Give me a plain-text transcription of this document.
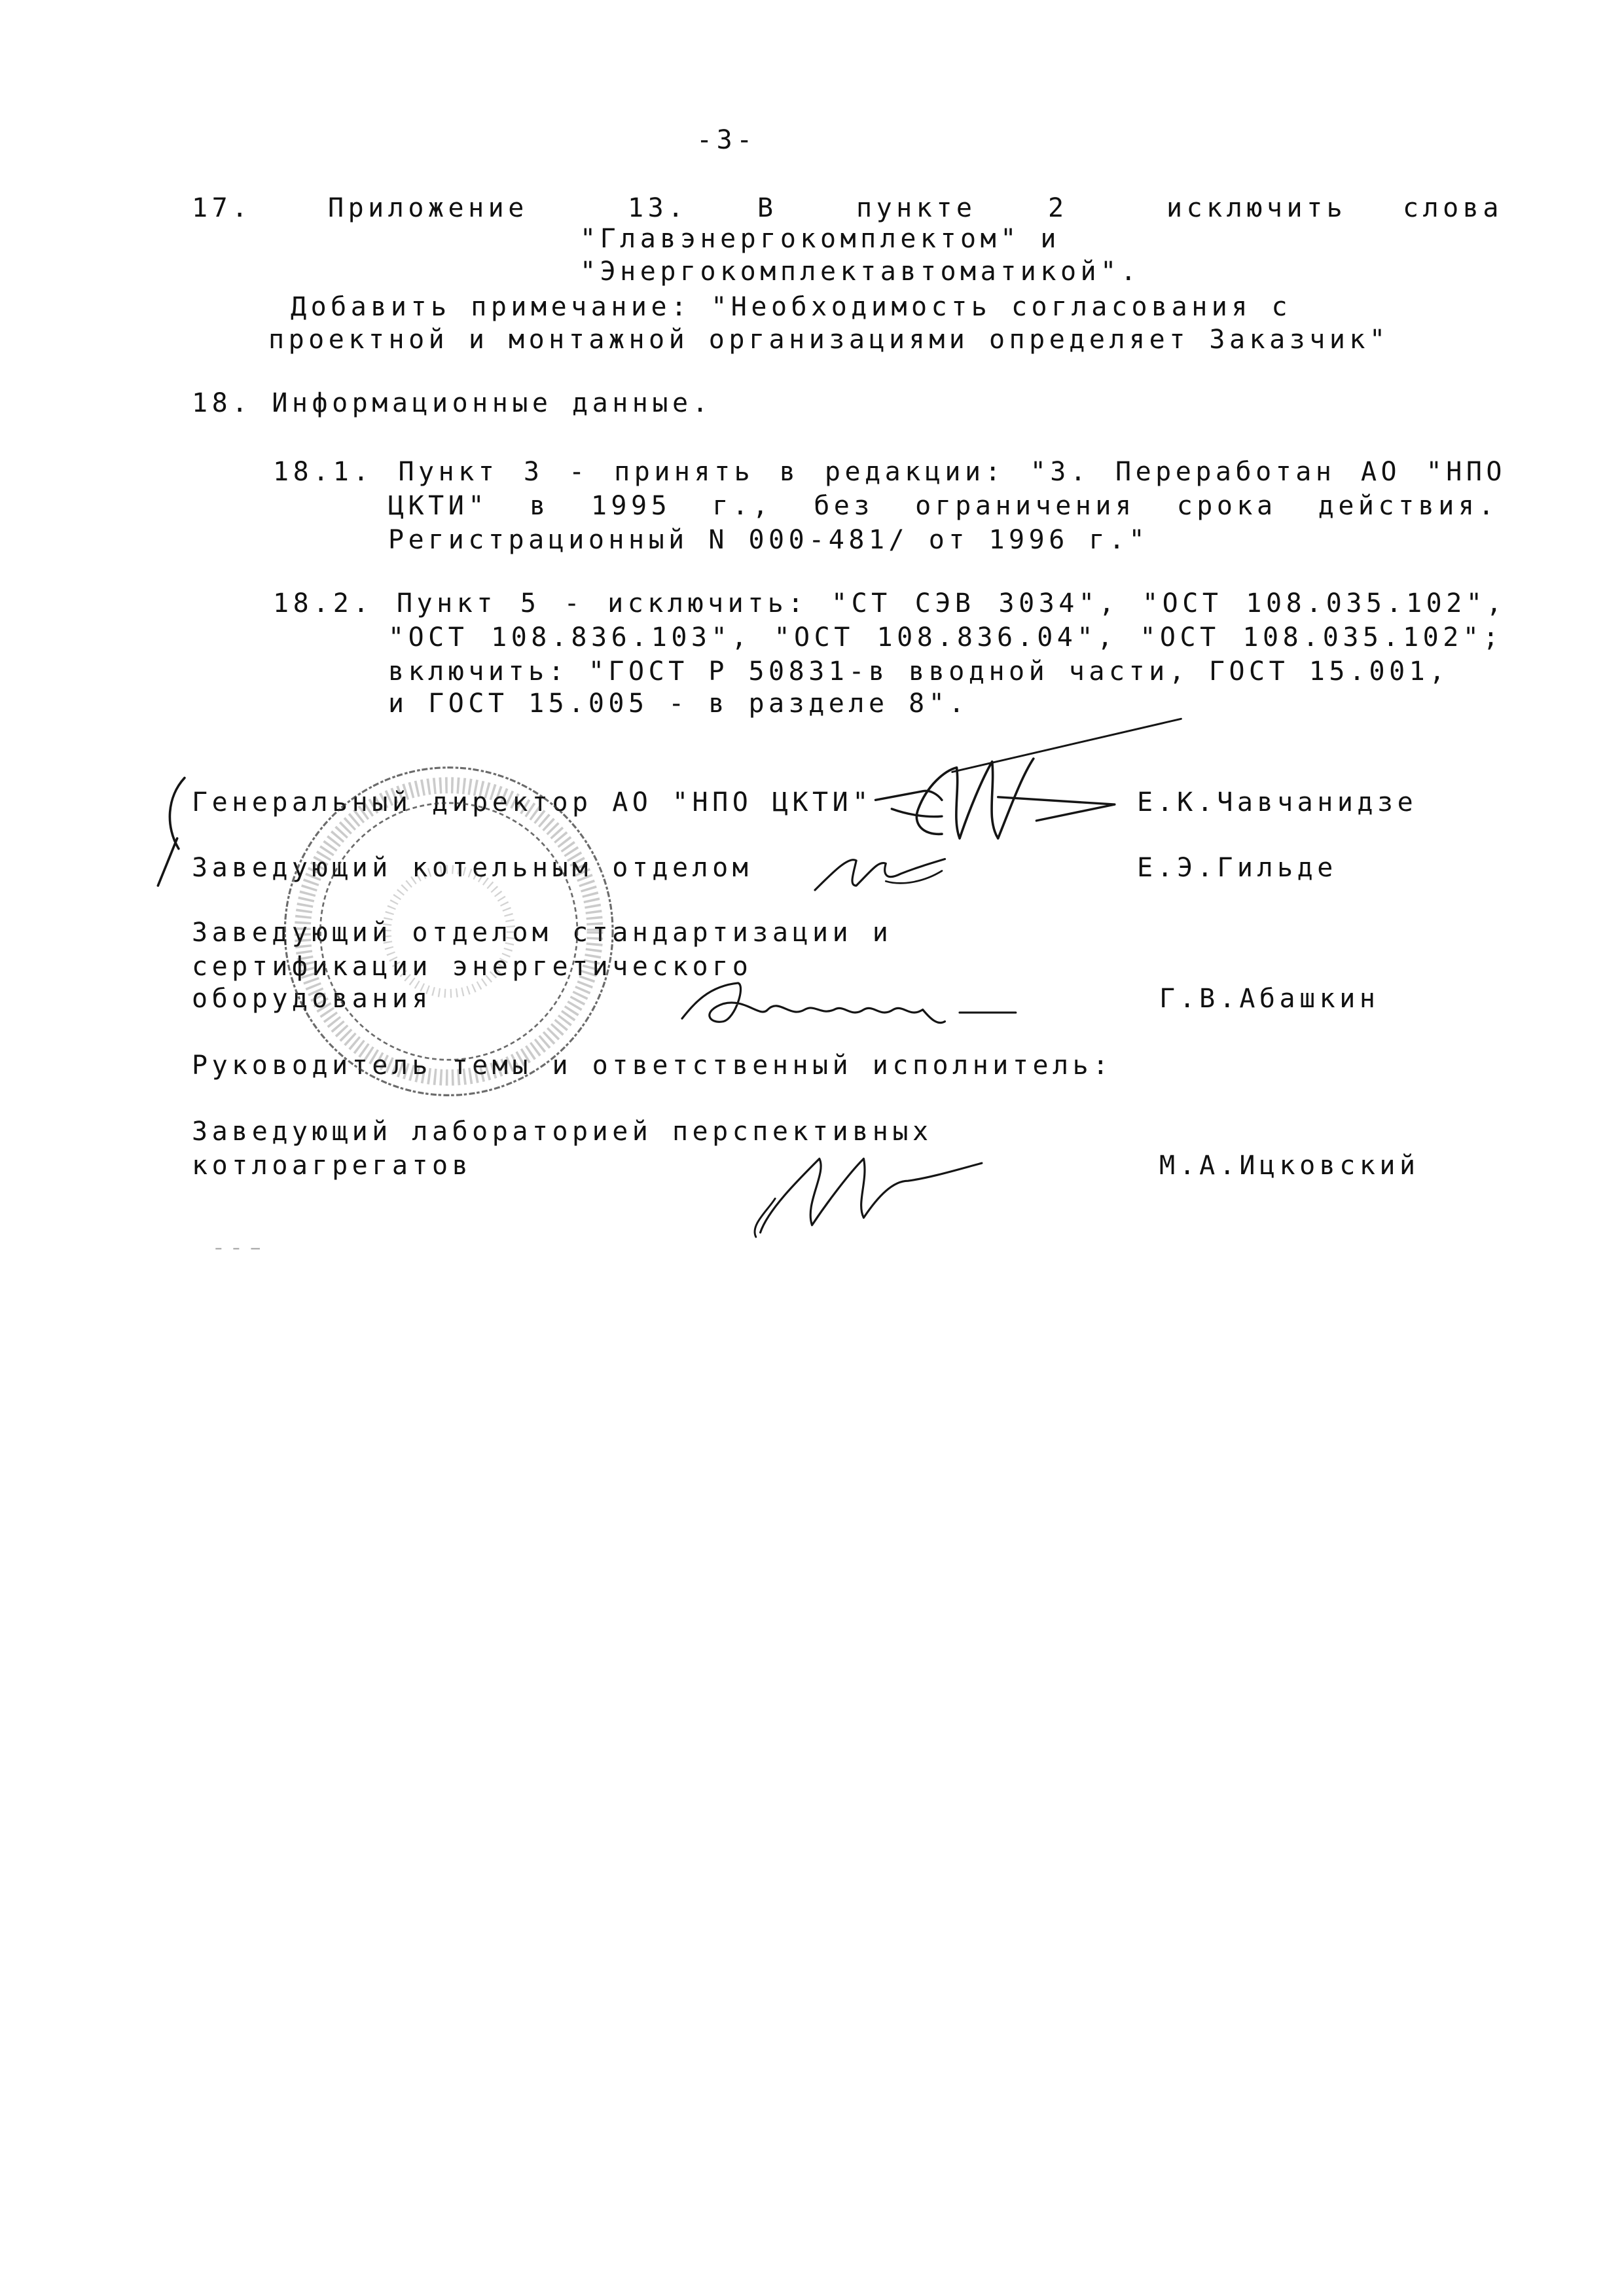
-3-
17.	Приложение	13.	В	пункте	2	исключить слова
"Главэнергокомплектом" и
"Энергокомплектавтоматикой".
Добавить примечание: "Необходимость согласования с
проектной и монтажной организациями определяет Заказчик"
18. Информационные данные.
18.1. Пункт 3 - принять в редакции: "3. Переработан АО "НПО
ЦКТИ" в 1995 г., без ограничения срока действия.
Регистрационный N 000-481/ от 1996 г."
18.2. Пункт 5 - исключить: "СТ СЭВ 3034", "ОСТ 108.035.102",
"ОСТ 108.836.103", "ОСТ 108.836.04", "ОСТ 108.035.102";
включить: "ГОСТ Р 50831-в вводной части, ГОСТ 15.001,
и ГОСТ 15.005 - в разделе 8".
Генеральный директор АО "НПО ЦКТИ"	Е.К.Чавчанидзе
Заведующий котельным отделом	Е.Э.Гильде
Заведующий отделом стандартизации и
сертификации энергетического
оборудования	Г.В.Абашкин
Руководитель темы и ответственный исполнитель:
Заведующий лабораторией перспективных
котлоагрегатов	М.А.Ицковский
